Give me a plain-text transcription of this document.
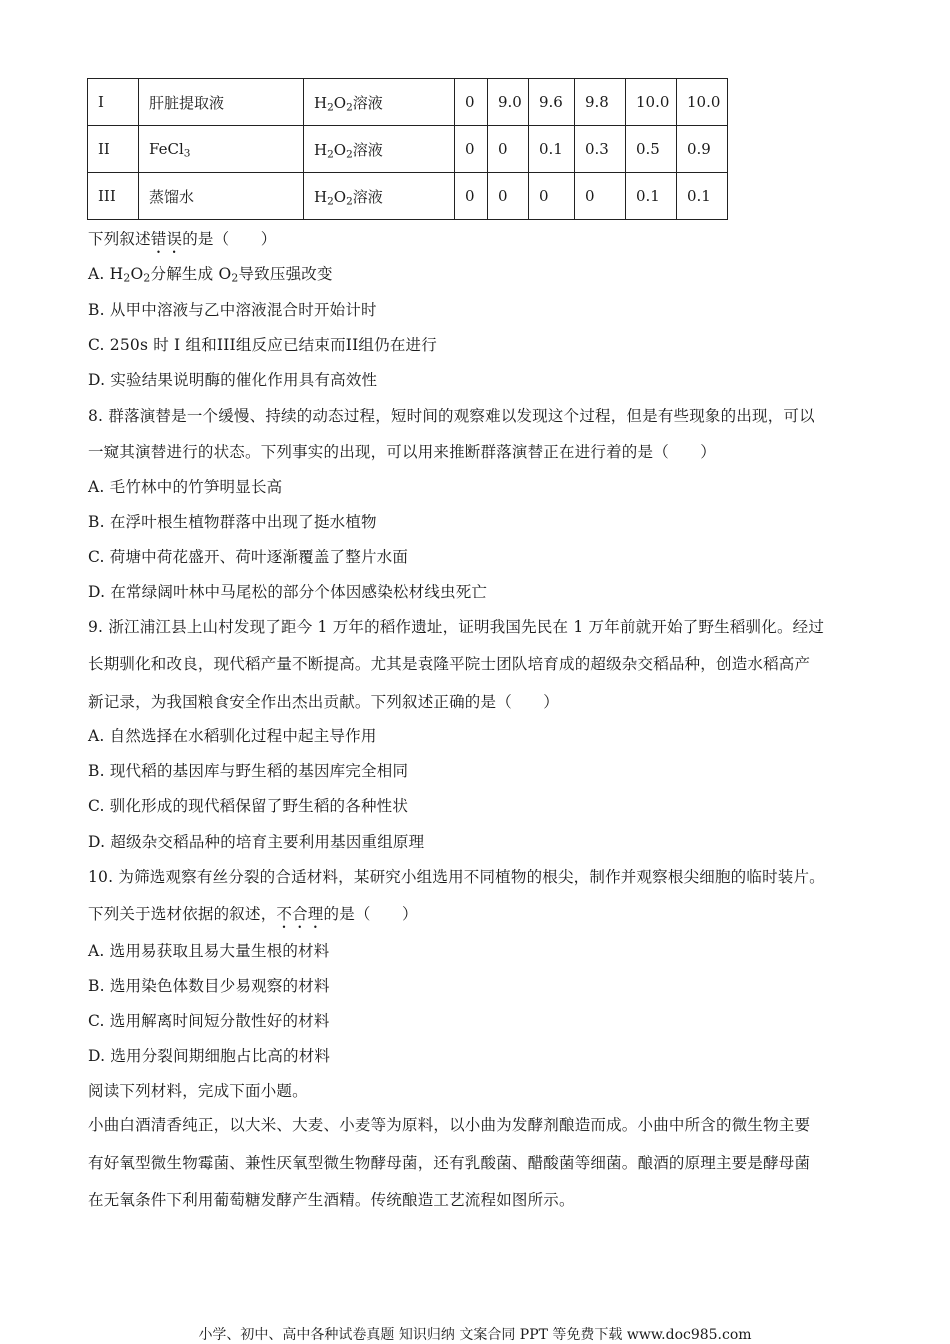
I	肝脏提取液	$H_2O_2$溶液	0	9.0	9.6	9.8	10.0	10.0
II	FeCl$_3$	$H_2O_2$溶液	0	0	0.1	0.3	0.5	0.9
III	蒸馏水	$H_2O_2$溶液	0	0	0	0	0.1	0.1
下列叙述错误的是（　　）
A. $H_2O_2$分解生成 $O_2$导致压强改变
B. 从甲中溶液与乙中溶液混合时开始计时
C. 250s 时 I 组和III组反应已结束而II组仍在进行
D. 实验结果说明酶的催化作用具有高效性
8. 群落演替是一个缓慢、持续的动态过程，短时间的观察难以发现这个过程，但是有些现象的出现，可以
一窥其演替进行的状态。下列事实的出现，可以用来推断群落演替正在进行着的是（　　）
A. 毛竹林中的竹笋明显长高
B. 在浮叶根生植物群落中出现了挺水植物
C. 荷塘中荷花盛开、荷叶逐渐覆盖了整片水面
D. 在常绿阔叶林中马尾松的部分个体因感染松材线虫死亡
9. 浙江浦江县上山村发现了距今 1 万年的稻作遗址，证明我国先民在 1 万年前就开始了野生稻驯化。经过
长期驯化和改良，现代稻产量不断提高。尤其是袁隆平院士团队培育成的超级杂交稻品种，创造水稻高产
新记录，为我国粮食安全作出杰出贡献。下列叙述正确的是（　　）
A. 自然选择在水稻驯化过程中起主导作用
B. 现代稻的基因库与野生稻的基因库完全相同
C. 驯化形成的现代稻保留了野生稻的各种性状
D. 超级杂交稻品种的培育主要利用基因重组原理
10. 为筛选观察有丝分裂的合适材料，某研究小组选用不同植物的根尖，制作并观察根尖细胞的临时装片。
下列关于选材依据的叙述，不合理的是（　　）
A. 选用易获取且易大量生根的材料
B. 选用染色体数目少易观察的材料
C. 选用解离时间短分散性好的材料
D. 选用分裂间期细胞占比高的材料
阅读下列材料，完成下面小题。
小曲白酒清香纯正，以大米、大麦、小麦等为原料，以小曲为发酵剂酿造而成。小曲中所含的微生物主要
有好氧型微生物霉菌、兼性厌氧型微生物酵母菌，还有乳酸菌、醋酸菌等细菌。酿酒的原理主要是酵母菌
在无氧条件下利用葡萄糖发酵产生酒精。传统酿造工艺流程如图所示。
小学、初中、高中各种试卷真题 知识归纳 文案合同 PPT 等免费下载 www.doc985.com
